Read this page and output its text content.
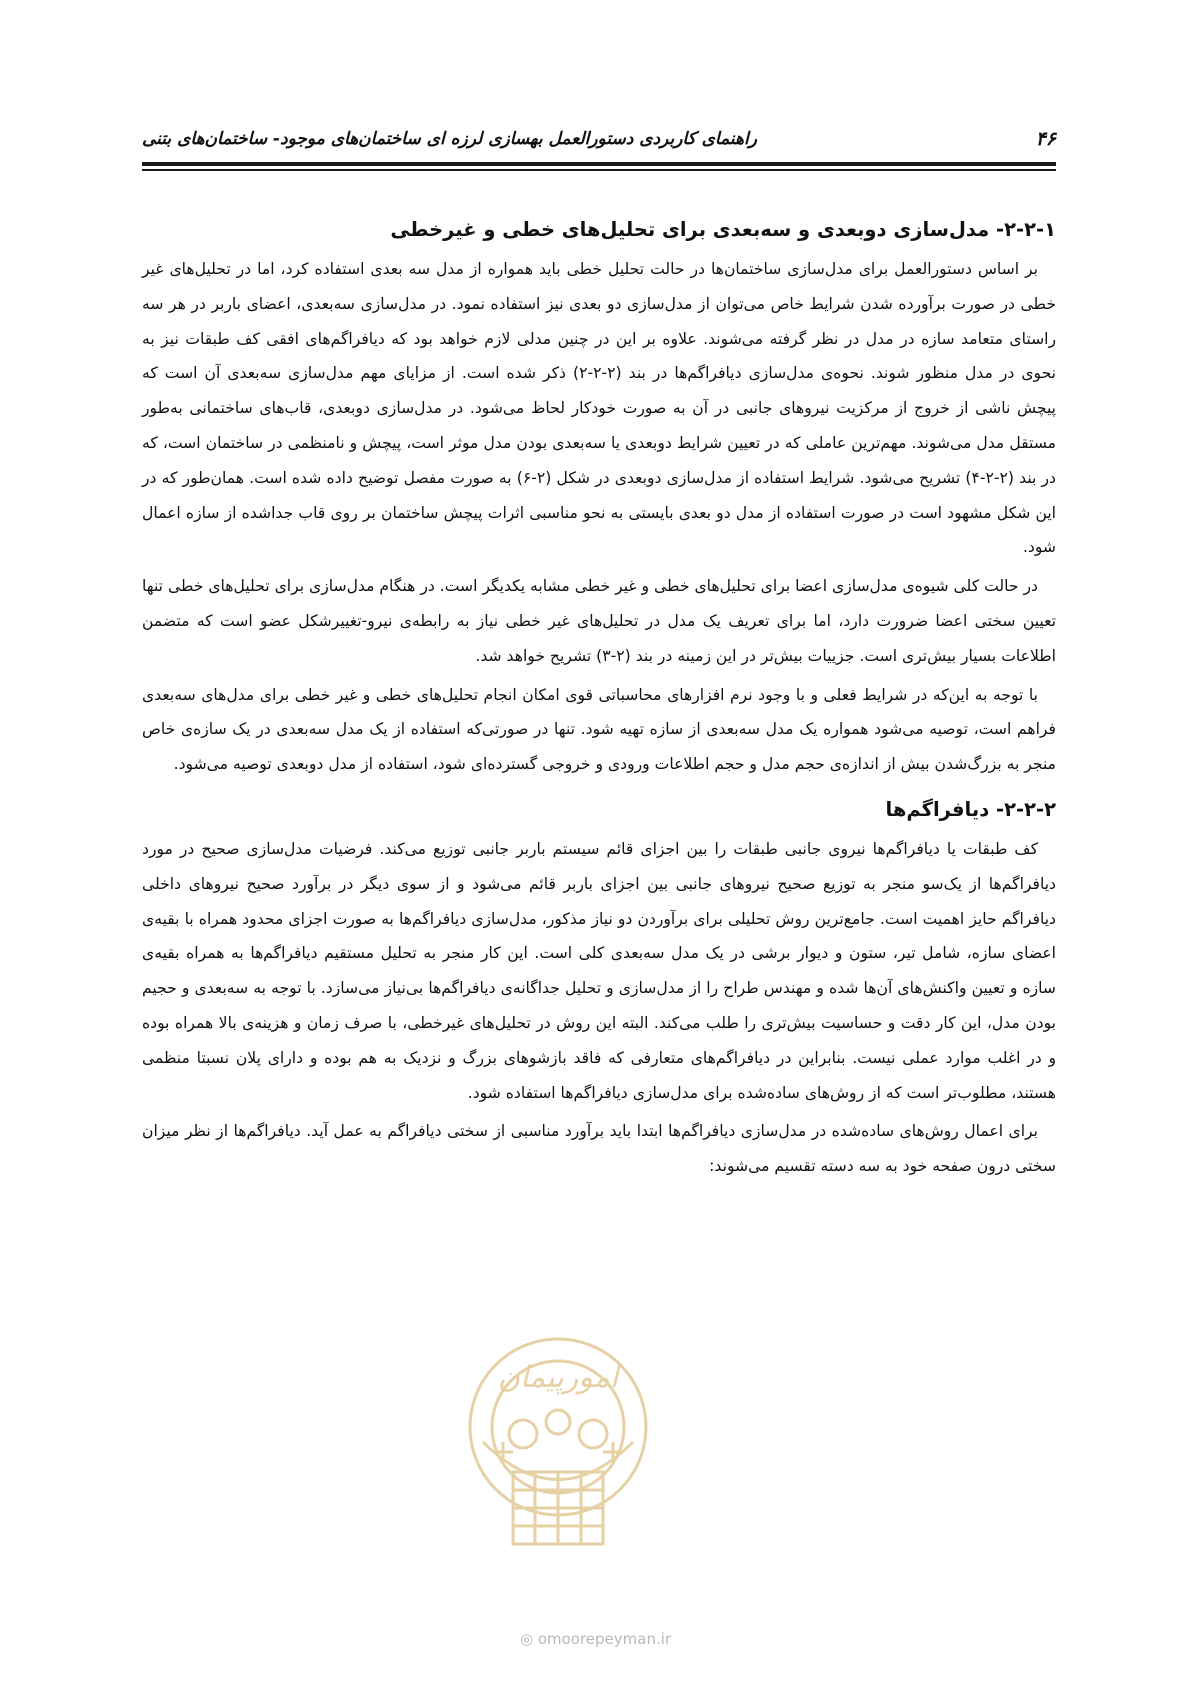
۴۶
راهنمای کاربردی دستورالعمل بهسازی لرزه ای ساختمان‌های موجود- ساختمان‌های بتنی
۲-۲-۱- مدل‌سازی دوبعدی و سه‌بعدی برای تحلیل‌های خطی و غیرخطی

بر اساس دستورالعمل برای مدل‌سازی ساختمان‌ها در حالت تحلیل خطی باید همواره از مدل سه بعدی استفاده کرد، اما در تحلیل‌های غیر خطی در صورت برآورده شدن شرایط خاص می‌توان از مدل‌سازی دو بعدی نیز استفاده نمود. در مدل‌سازی سه‌بعدی، اعضای باربر در هر سه راستای متعامد سازه در مدل در نظر گرفته می‌شوند. علاوه بر این در چنین مدلی لازم خواهد بود که دیافراگم‌های افقی کف طبقات نیز به نحوی در مدل منظور شوند. نحوه‌ی مدل‌سازی دیافراگم‌ها در بند (۲-۲-۲) ذکر شده است. از مزایای مهم مدل‌سازی سه‌بعدی آن است که پیچش ناشی از خروج از مرکزیت نیروهای جانبی در آن به صورت خودکار لحاظ می‌شود. در مدل‌سازی دوبعدی، قاب‌های ساختمانی به‌طور مستقل مدل می‌شوند. مهم‌ترین عاملی که در تعیین شرایط دوبعدی یا سه‌بعدی بودن مدل موثر است، پیچش و نامنظمی در ساختمان است، که در بند (۲-۲-۴) تشریح می‌شود. شرایط استفاده از مدل‌سازی دوبعدی در شکل (۲-۶) به صورت مفصل توضیح داده شده است. همان‌طور که در این شکل مشهود است در صورت استفاده از مدل دو بعدی بایستی به نحو مناسبی اثرات پیچش ساختمان بر روی قاب جداشده از سازه اعمال شود.

در حالت کلی شیوه‌ی مدل‌سازی اعضا برای تحلیل‌های خطی و غیر خطی مشابه یکدیگر است. در هنگام مدل‌سازی برای تحلیل‌های خطی تنها تعیین سختی اعضا ضرورت دارد، اما برای تعریف یک مدل در تحلیل‌های غیر خطی نیاز به رابطه‌ی نیرو-تغییرشکل عضو است که متضمن اطلاعات بسیار بیش‌تری است. جزییات بیش‌تر در این زمینه در بند (۲-۳) تشریح خواهد شد.

با توجه به این‌که در شرایط فعلی و با وجود نرم افزارهای محاسباتی قوی امکان انجام تحلیل‌های خطی و غیر خطی برای مدل‌های سه‌بعدی فراهم است، توصیه می‌شود همواره یک مدل سه‌بعدی از سازه تهیه شود. تنها در صورتی‌که استفاده از یک مدل سه‌بعدی در یک سازه‌ی خاص منجر به بزرگ‌شدن بیش از اندازه‌ی حجم مدل و حجم اطلاعات ورودی و خروجی گسترده‌ای شود، استفاده از مدل دوبعدی توصیه می‌شود.

۲-۲-۲- دیافراگم‌ها

کف طبقات یا دیافراگم‌ها نیروی جانبی طبقات را بین اجزای قائم سیستم باربر جانبی توزیع می‌کند. فرضیات مدل‌سازی صحیح در مورد دیافراگم‌ها از یک‌سو منجر به توزیع صحیح نیروهای جانبی بین اجزای باربر قائم می‌شود و از سوی دیگر در برآورد صحیح نیروهای داخلی دیافراگم حایز اهمیت است. جامع‌ترین روش تحلیلی برای برآوردن دو نیاز مذکور، مدل‌سازی دیافراگم‌ها به صورت اجزای محدود همراه با بقیه‌ی اعضای سازه، شامل تیر، ستون و دیوار برشی در یک مدل سه‌بعدی کلی است. این کار منجر به تحلیل مستقیم دیافراگم‌ها به همراه بقیه‌ی سازه و تعیین واکنش‌های آن‌ها شده و مهندس طراح را از مدل‌سازی و تحلیل جداگانه‌ی دیافراگم‌ها بی‌نیاز می‌سازد. با توجه به سه‌بعدی و حجیم بودن مدل، این کار دقت و حساسیت بیش‌تری را طلب می‌کند. البته این روش در تحلیل‌های غیرخطی، با صرف زمان و هزینه‌ی بالا همراه بوده و در اغلب موارد عملی نیست. بنابراین در دیافراگم‌های متعارفی که فاقد بازشوهای بزرگ و نزدیک به هم بوده و دارای پلان نسبتا منظمی هستند، مطلوب‌تر است که از روش‌های ساده‌شده برای مدل‌سازی دیافراگم‌ها استفاده شود.

برای اعمال روش‌های ساده‌شده در مدل‌سازی دیافراگم‌ها ابتدا باید برآورد مناسبی از سختی دیافراگم به عمل آید. دیافراگم‌ها از نظر میزان سختی درون صفحه خود به سه دسته تقسیم می‌شوند:

امورپیمان
◎ omoorepeyman.ir
